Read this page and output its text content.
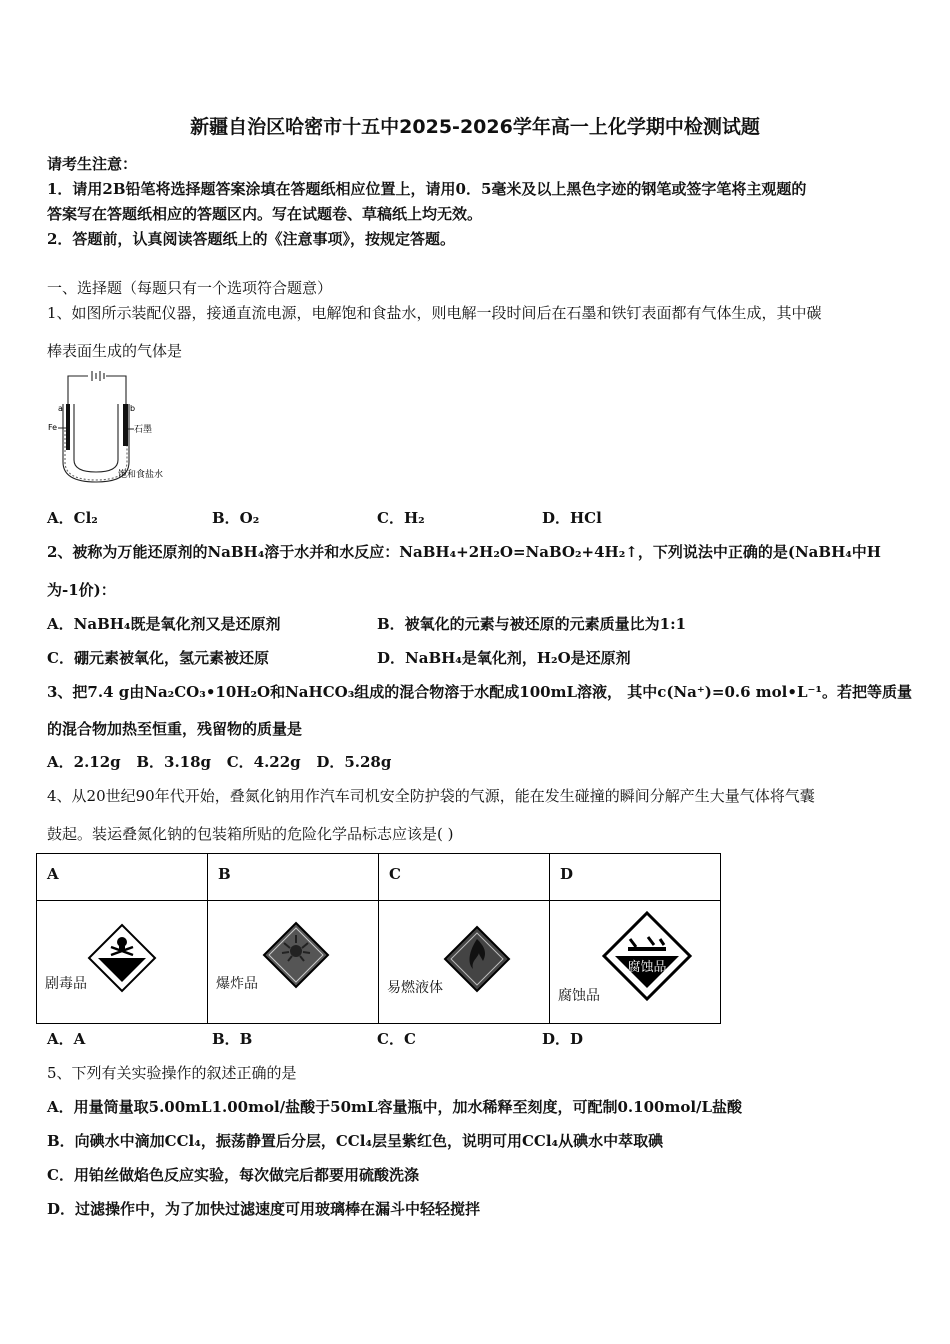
新疆自治区哈密市十五中2025-2026学年高一上化学期中检测试题
请考生注意：
1．请用2B铅笔将选择题答案涂填在答题纸相应位置上，请用0．5毫米及以上黑色字迹的钢笔或签字笔将主观题的
答案写在答题纸相应的答题区内。写在试题卷、草稿纸上均无效。
2．答题前，认真阅读答题纸上的《注意事项》，按规定答题。
一、选择题（每题只有一个选项符合题意）
1、如图所示装配仪器，接通直流电源，电解饱和食盐水，则电解一段时间后在石墨和铁钉表面都有气体生成，其中碳
棒表面生成的气体是
a	b
Fe	石墨
饱和食盐水
A．Cl₂	B．O₂	C．H₂	D．HCl
2、被称为万能还原剂的NaBH₄溶于水并和水反应：NaBH₄+2H₂O=NaBO₂+4H₂↑，下列说法中正确的是(NaBH₄中H
为-1价)：
A．NaBH₄既是氧化剂又是还原剂	B．被氧化的元素与被还原的元素质量比为1:1
C．硼元素被氧化，氢元素被还原	D．NaBH₄是氧化剂，H₂O是还原剂
3、把7.4 g由Na₂CO₃•10H₂O和NaHCO₃组成的混合物溶于水配成100mL溶液， 其中c(Na⁺)=0.6 mol•L⁻¹。若把等质量
的混合物加热至恒重，残留物的质量是
A．2.12g   B．3.18g   C．4.22g   D．5.28g
4、从20世纪90年代开始，叠氮化钠用作汽车司机安全防护袋的气源，能在发生碰撞的瞬间分解产生大量气体将气囊
鼓起。装运叠氮化钠的包装箱所贴的危险化学品标志应该是( )
A	B	C	D

剧毒品	爆炸品	易燃液体	腐蚀品
腐蚀品
A．A	B．B	C．C	D．D
5、下列有关实验操作的叙述正确的是
A．用量筒量取5.00mL1.00mol/盐酸于50mL容量瓶中，加水稀释至刻度，可配制0.100mol/L盐酸
B．向碘水中滴加CCl₄，振荡静置后分层，CCl₄层呈紫红色，说明可用CCl₄从碘水中萃取碘
C．用铂丝做焰色反应实验，每次做完后都要用硫酸洗涤
D．过滤操作中，为了加快过滤速度可用玻璃棒在漏斗中轻轻搅拌
